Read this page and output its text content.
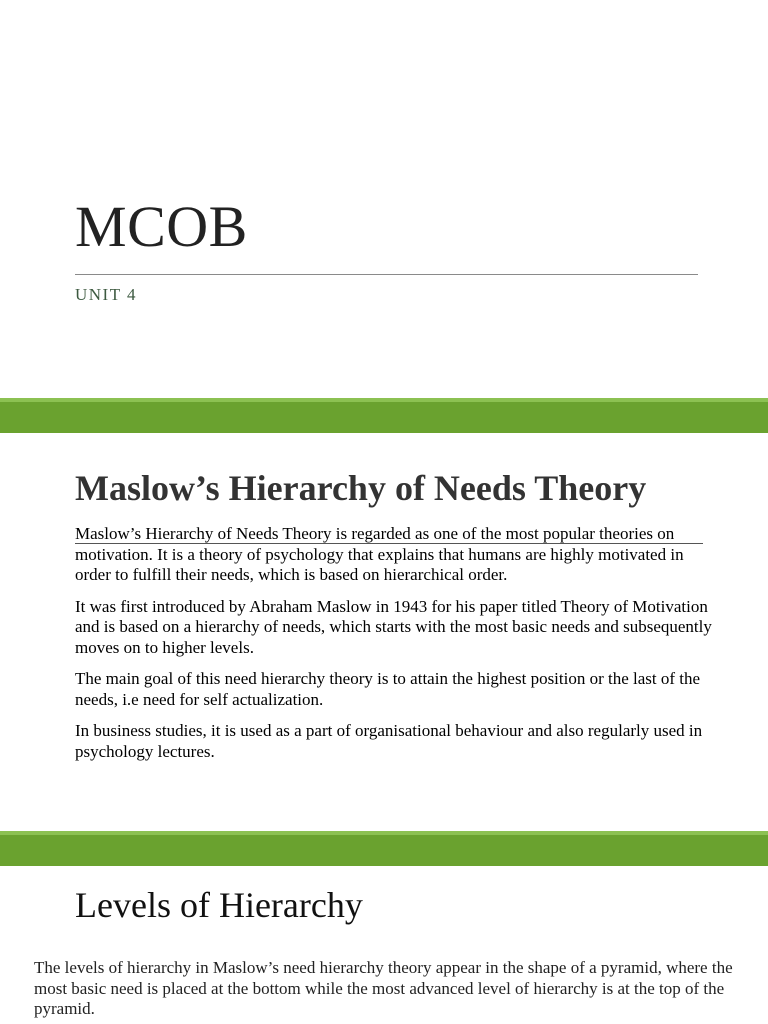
MCOB
UNIT 4
Maslow’s Hierarchy of Needs Theory

Maslow’s Hierarchy of Needs Theory is regarded as one of the most popular theories on motivation. It is a theory of psychology that explains that humans are highly motivated in order to fulfill their needs, which is based on hierarchical order.

It was first introduced by Abraham Maslow in 1943 for his paper titled Theory of Motivation and is based on a hierarchy of needs, which starts with the most basic needs and subsequently moves on to higher levels.

The main goal of this need hierarchy theory is to attain the highest position or the last of the needs, i.e need for self actualization.

In business studies, it is used as a part of organisational behaviour and also regularly used in psychology lectures.

Levels of Hierarchy

The levels of hierarchy in Maslow’s need hierarchy theory appear in the shape of a pyramid, where the most basic need is placed at the bottom while the most advanced level of hierarchy is at the top of the pyramid.
